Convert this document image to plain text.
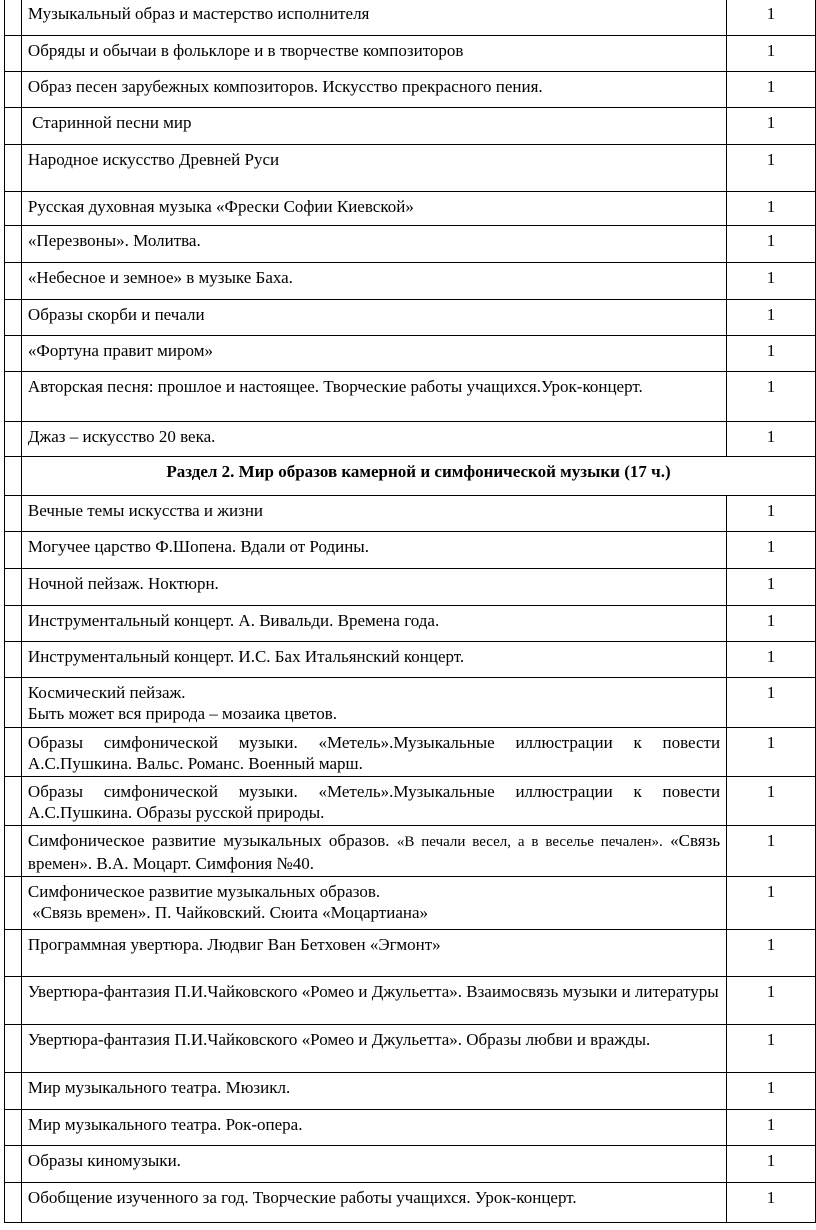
	Музыкальный образ и мастерство исполнителя	1
	Обряды и обычаи в фольклоре и в творчестве композиторов	1
	Образ песен зарубежных композиторов. Искусство прекрасного пения.	1
	Старинной песни мир	1
	Народное искусство Древней Руси	1
	Русская духовная музыка «Фрески Софии Киевской»	1
	«Перезвоны». Молитва.	1
	«Небесное и земное» в музыке Баха.	1
	Образы скорби и печали	1
	«Фортуна правит миром»	1
	Авторская песня: прошлое и настоящее. Творческие работы учащихся.Урок-концерт.	1
	Джаз – искусство 20 века.	1
	Раздел 2. Мир образов камерной и симфонической музыки (17 ч.)	
	Вечные темы искусства и жизни	1
	Могучее царство Ф.Шопена. Вдали от Родины.	1
	Ночной пейзаж. Ноктюрн.	1
	Инструментальный концерт. А. Вивальди. Времена года.	1
	Инструментальный концерт. И.С. Бах Итальянский концерт.	1

	Космический пейзаж.
Быть может вся природа – мозаика цветов.	1
	Образы симфонической музыки. «Метель».Музыкальные иллюстрации к повести А.С.Пушкина. Вальс. Романс. Военный марш.	1
	Образы симфонической музыки. «Метель».Музыкальные иллюстрации к повести А.С.Пушкина. Образы русской природы.	1
	Симфоническое развитие музыкальных образов. «В печали весел, а в веселье печален». «Связь времен». В.А. Моцарт. Симфония №40.	1

	Симфоническое развитие музыкальных образов.
«Связь времен». П. Чайковский. Сюита «Моцартиана»	1
	Программная увертюра. Людвиг Ван Бетховен «Эгмонт»	1
	Увертюра-фантазия П.И.Чайковского «Ромео и Джульетта». Взаимосвязь музыки и литературы	1
	Увертюра-фантазия П.И.Чайковского «Ромео и Джульетта». Образы любви и вражды.	1
	Мир музыкального театра. Мюзикл.	1
	Мир музыкального театра. Рок-опера.	1
	Образы киномузыки.	1
	Обобщение изученного за год. Творческие работы учащихся. Урок-концерт.	1
